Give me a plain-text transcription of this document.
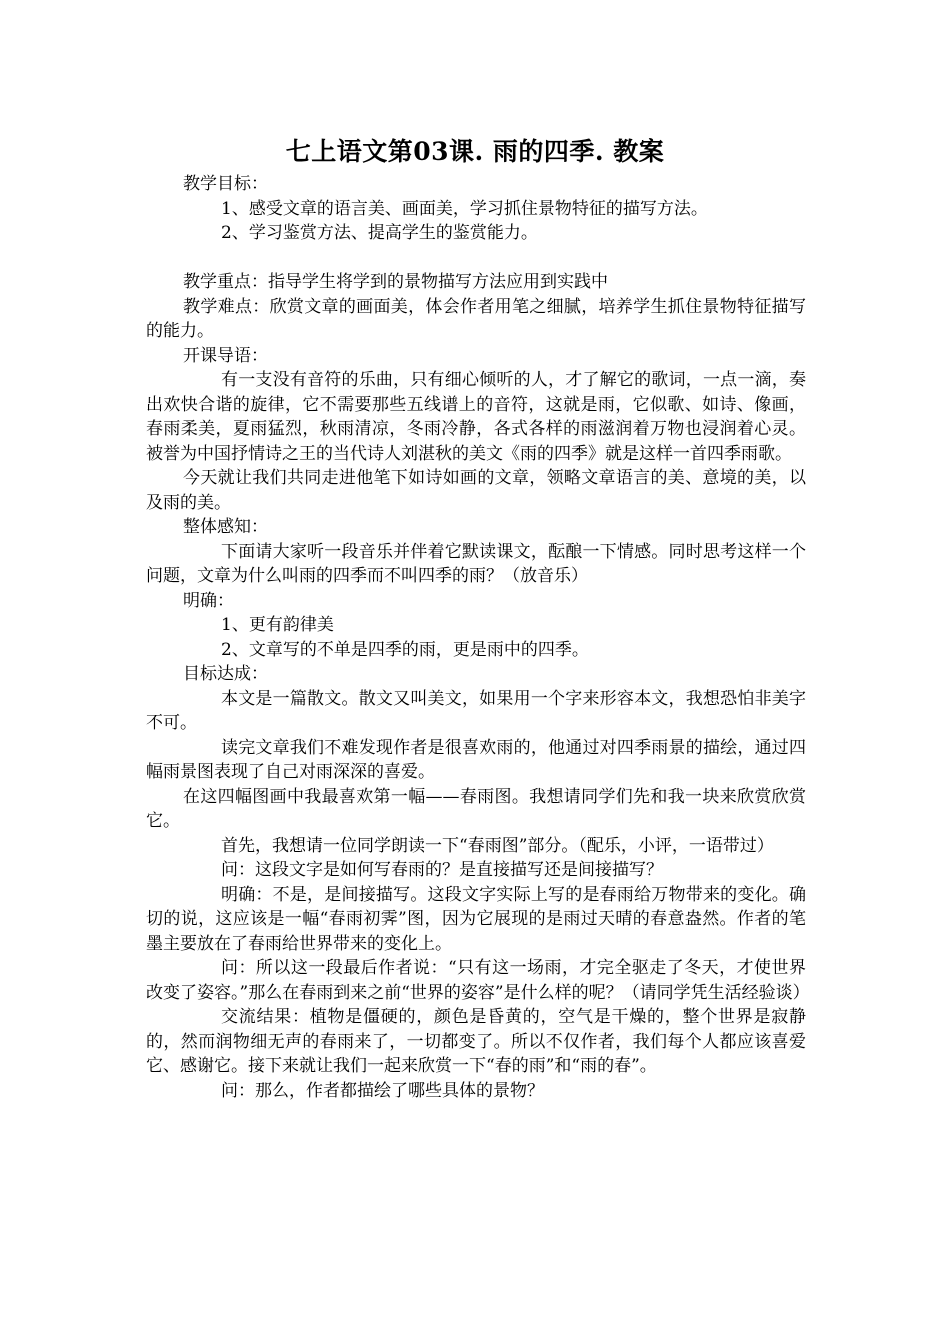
七上语文第03课. 雨的四季. 教案

教学目标：

1、感受文章的语言美、画面美，学习抓住景物特征的描写方法。

2、学习鉴赏方法、提高学生的鉴赏能力。

教学重点：指导学生将学到的景物描写方法应用到实践中

教学难点：欣赏文章的画面美，体会作者用笔之细腻，培养学生抓住景物特征描写的能力。

开课导语：

有一支没有音符的乐曲，只有细心倾听的人，才了解它的歌词，一点一滴，奏出欢快合谐的旋律，它不需要那些五线谱上的音符，这就是雨，它似歌、如诗、像画，春雨柔美，夏雨猛烈，秋雨清凉，冬雨冷静，各式各样的雨滋润着万物也浸润着心灵。被誉为中国抒情诗之王的当代诗人刘湛秋的美文《雨的四季》就是这样一首四季雨歌。

今天就让我们共同走进他笔下如诗如画的文章，领略文章语言的美、意境的美，以及雨的美。

整体感知：

下面请大家听一段音乐并伴着它默读课文，酝酿一下情感。同时思考这样一个问题，文章为什么叫雨的四季而不叫四季的雨？（放音乐）

明确：

1、更有韵律美

2、文章写的不单是四季的雨，更是雨中的四季。

目标达成：

本文是一篇散文。散文又叫美文，如果用一个字来形容本文，我想恐怕非美字不可。

读完文章我们不难发现作者是很喜欢雨的，他通过对四季雨景的描绘，通过四幅雨景图表现了自己对雨深深的喜爱。

在这四幅图画中我最喜欢第一幅——春雨图。我想请同学们先和我一块来欣赏欣赏它。

首先，我想请一位同学朗读一下“春雨图”部分。（配乐，小评，一语带过）

问：这段文字是如何写春雨的？是直接描写还是间接描写？

明确：不是，是间接描写。这段文字实际上写的是春雨给万物带来的变化。确切的说，这应该是一幅“春雨初霁”图，因为它展现的是雨过天晴的春意盎然。作者的笔墨主要放在了春雨给世界带来的变化上。

问：所以这一段最后作者说：“只有这一场雨，才完全驱走了冬天，才使世界改变了姿容。”那么在春雨到来之前“世界的姿容”是什么样的呢？（请同学凭生活经验谈）

交流结果：植物是僵硬的，颜色是昏黄的，空气是干燥的，整个世界是寂静的，然而润物细无声的春雨来了，一切都变了。所以不仅作者，我们每个人都应该喜爱它、感谢它。接下来就让我们一起来欣赏一下“春的雨”和“雨的春”。

问：那么，作者都描绘了哪些具体的景物？
